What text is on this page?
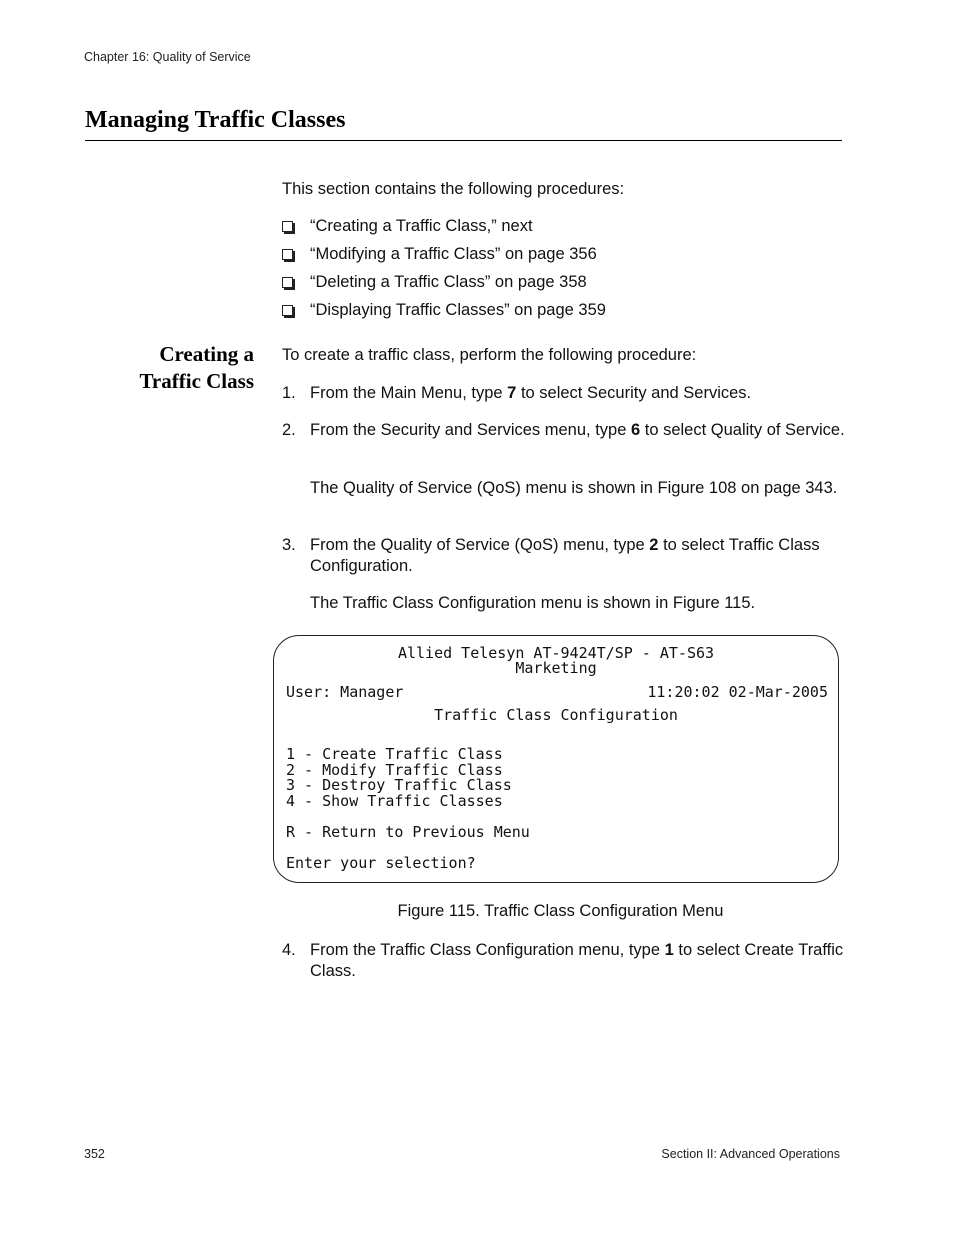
Chapter 16: Quality of Service
Managing Traffic Classes
This section contains the following procedures:
“Creating a Traffic Class,” next
“Modifying a Traffic Class” on page 356
“Deleting a Traffic Class” on page 358
“Displaying Traffic Classes” on page 359
Creating a
Traffic Class
To create a traffic class, perform the following procedure:
1. From the Main Menu, type 7 to select Security and Services.
2. From the Security and Services menu, type 6 to select Quality of Service.
The Quality of Service (QoS) menu is shown in Figure 108 on page 343.
3. From the Quality of Service (QoS) menu, type 2 to select Traffic Class Configuration.
The Traffic Class Configuration menu is shown in Figure 115.
Allied Telesyn AT-9424T/SP - AT-S63
Marketing
User: Manager	11:20:02 02-Mar-2005
Traffic Class Configuration
1 - Create Traffic Class
2 - Modify Traffic Class
3 - Destroy Traffic Class
4 - Show Traffic Classes
R - Return to Previous Menu
Enter your selection?
Figure 115. Traffic Class Configuration Menu
4. From the Traffic Class Configuration menu, type 1 to select Create Traffic Class.
352	Section II: Advanced Operations
